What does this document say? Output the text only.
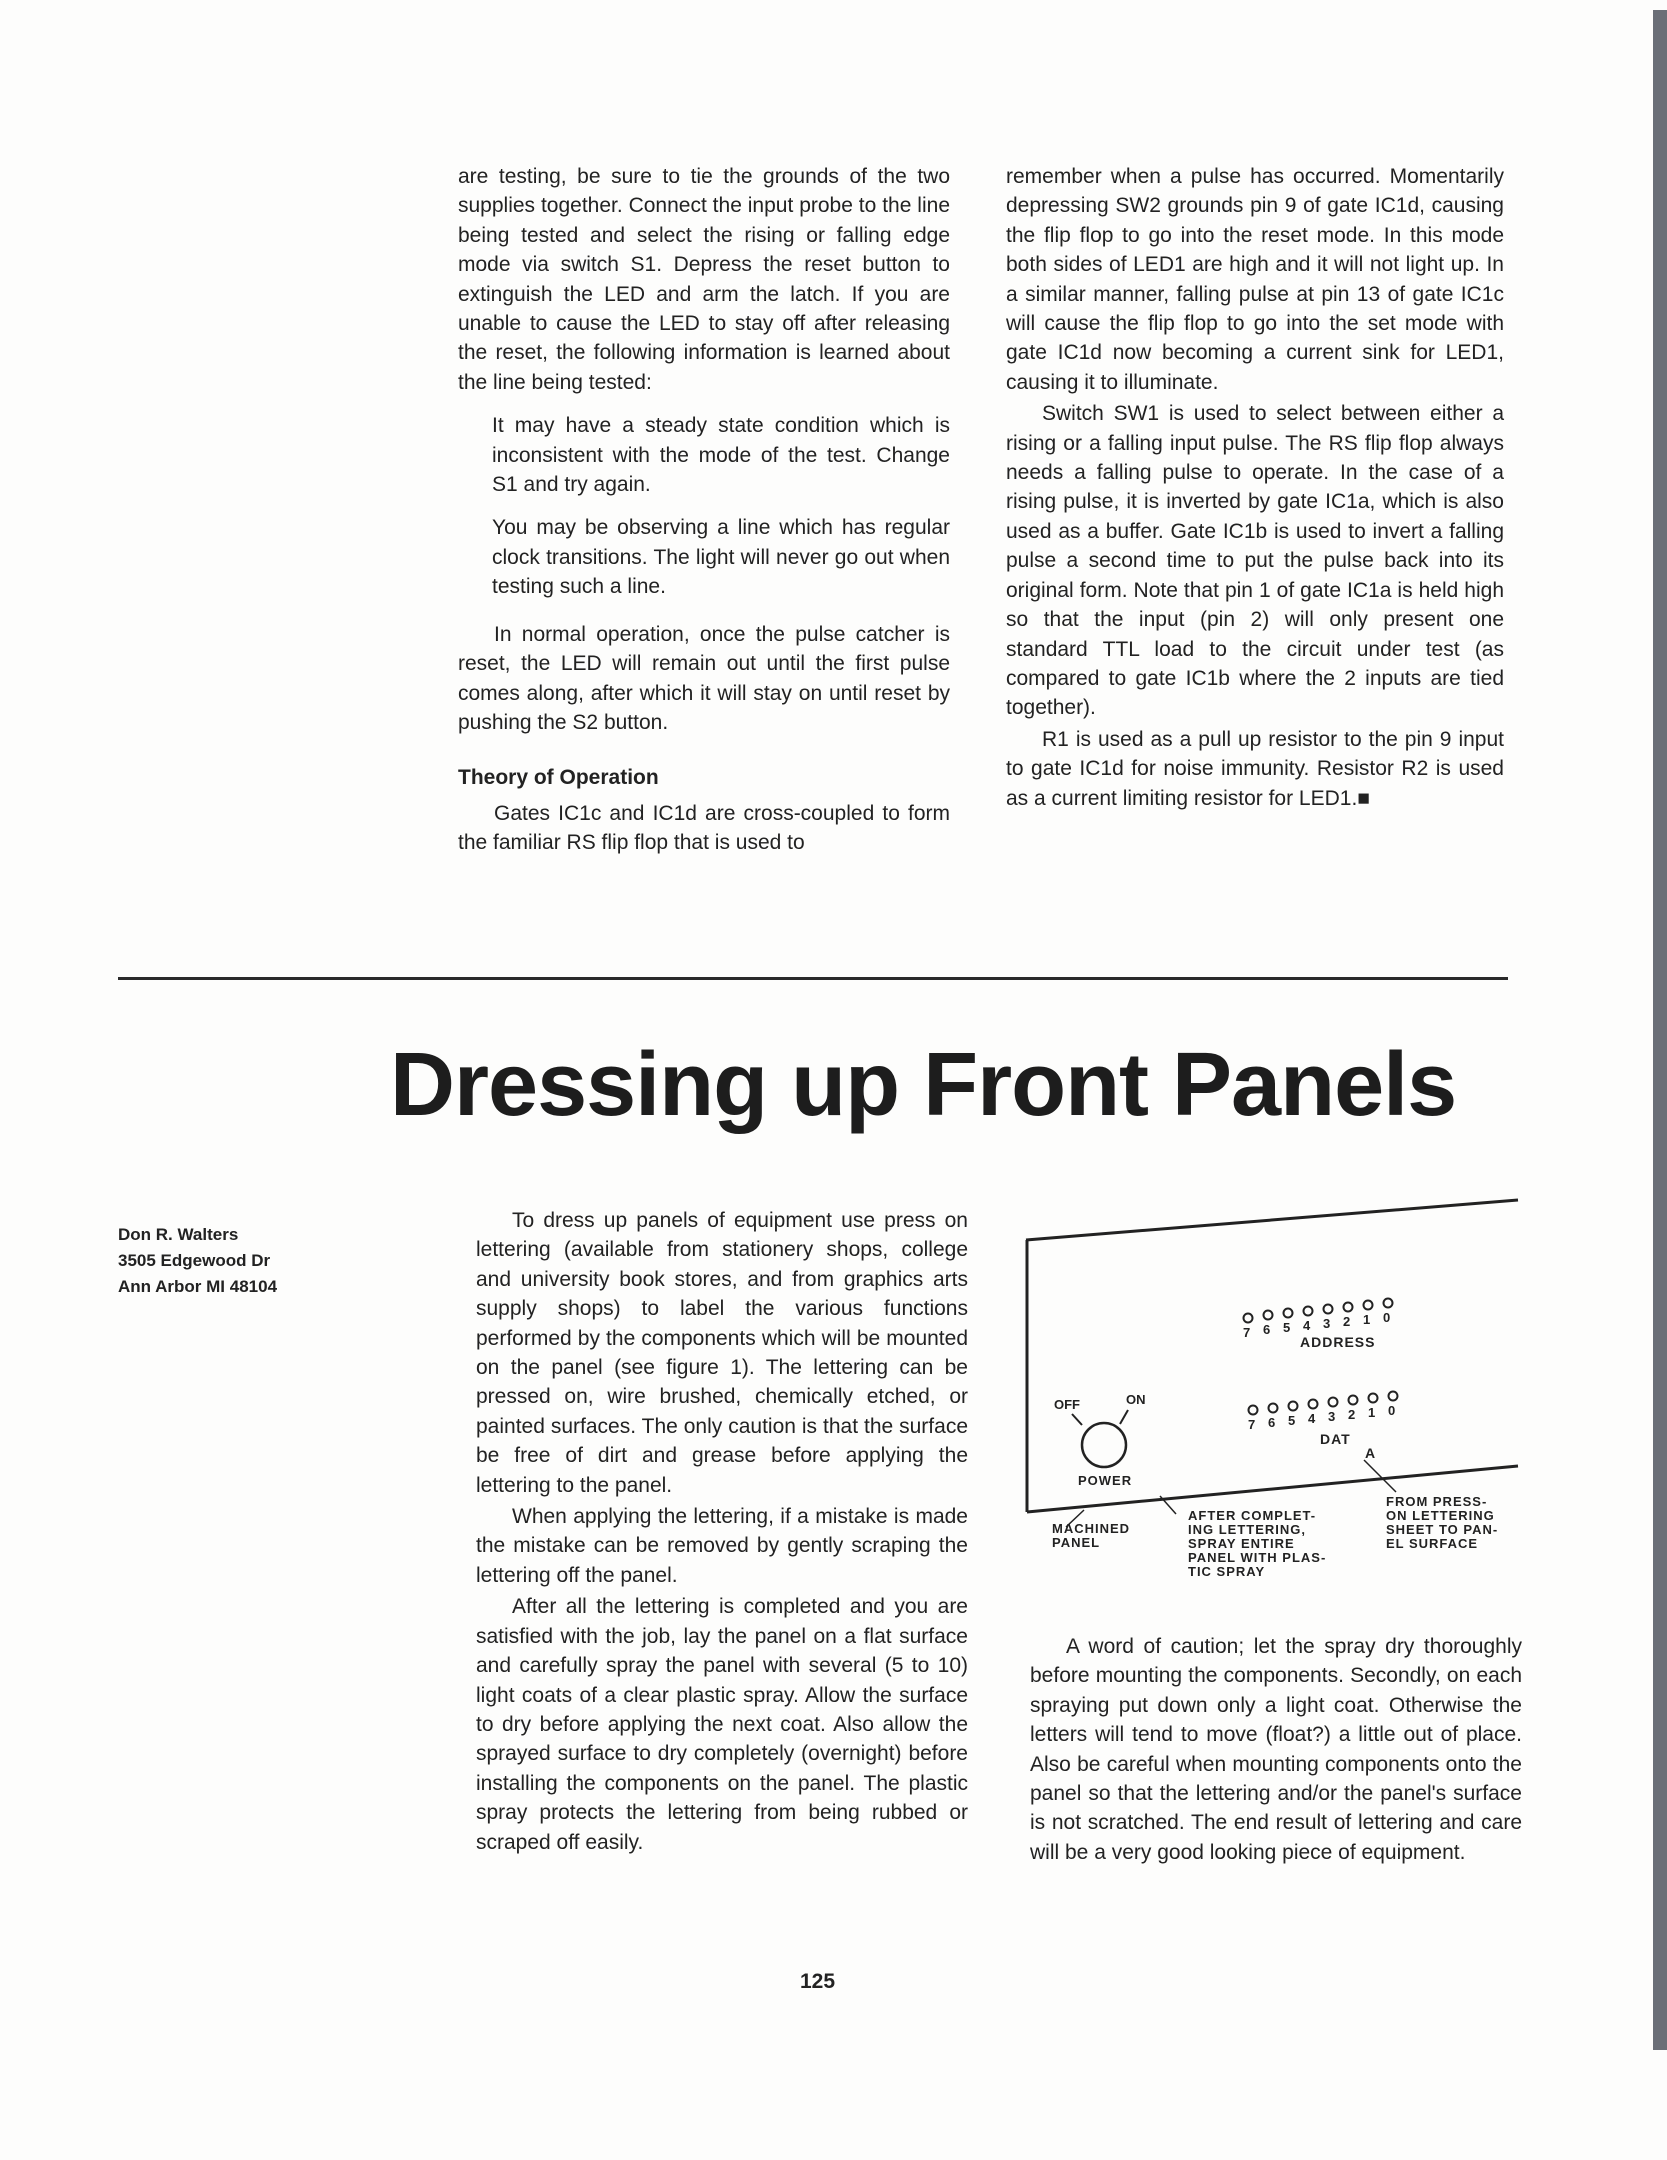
are testing, be sure to tie the grounds of the two supplies together. Connect the input probe to the line being tested and select the rising or falling edge mode via switch S1. Depress the reset button to extinguish the LED and arm the latch. If you are unable to cause the LED to stay off after releasing the reset, the following information is learned about the line being tested:

It may have a steady state condition which is inconsistent with the mode of the test. Change S1 and try again.

You may be observing a line which has regular clock transitions. The light will never go out when testing such a line.

In normal operation, once the pulse catcher is reset, the LED will remain out until the first pulse comes along, after which it will stay on until reset by pushing the S2 button.

Theory of Operation

Gates IC1c and IC1d are cross-coupled to form the familiar RS flip flop that is used to

remember when a pulse has occurred. Momentarily depressing SW2 grounds pin 9 of gate IC1d, causing the flip flop to go into the reset mode. In this mode both sides of LED1 are high and it will not light up. In a similar manner, falling pulse at pin 13 of gate IC1c will cause the flip flop to go into the set mode with gate IC1d now becoming a current sink for LED1, causing it to illuminate.

Switch SW1 is used to select between either a rising or a falling input pulse. The RS flip flop always needs a falling pulse to operate. In the case of a rising pulse, it is inverted by gate IC1a, which is also used as a buffer. Gate IC1b is used to invert a falling pulse a second time to put the pulse back into its original form. Note that pin 1 of gate IC1a is held high so that the input (pin 2) will only present one standard TTL load to the circuit under test (as compared to gate IC1b where the 2 inputs are tied together).

R1 is used as a pull up resistor to the pin 9 input to gate IC1d for noise immunity. Resistor R2 is used as a current limiting resistor for LED1.■

Dressing up Front Panels
Don R. Walters
3505 Edgewood Dr
Ann Arbor MI 48104

To dress up panels of equipment use press on lettering (available from stationery shops, college and university book stores, and from graphics arts supply shops) to label the various functions performed by the components which will be mounted on the panel (see figure 1). The lettering can be pressed on, wire brushed, chemically etched, or painted surfaces. The only caution is that the surface be free of dirt and grease before applying the lettering to the panel.

When applying the lettering, if a mistake is made the mistake can be removed by gently scraping the lettering off the panel.

After all the lettering is completed and you are satisfied with the job, lay the panel on a flat surface and carefully spray the panel with several (5 to 10) light coats of a clear plastic spray. Allow the surface to dry before applying the next coat. Also allow the sprayed surface to dry completely (overnight) before installing the components on the panel. The plastic spray protects the lettering from being rubbed or scraped off easily.

7 6 5 4 3 2 1 0
ADDRESS
7 6 5 4 3 2 1 0
DAT
A
OFF	ON
POWER
MACHINED
PANEL
AFTER COMPLET-
ING LETTERING,
SPRAY ENTIRE
PANEL WITH PLAS-
TIC SPRAY
FROM PRESS-
ON LETTERING
SHEET TO PAN-
EL SURFACE

A word of caution; let the spray dry thoroughly before mounting the components. Secondly, on each spraying put down only a light coat. Otherwise the letters will tend to move (float?) a little out of place. Also be careful when mounting components onto the panel so that the lettering and/or the panel's surface is not scratched. The end result of lettering and care will be a very good looking piece of equipment.

125
